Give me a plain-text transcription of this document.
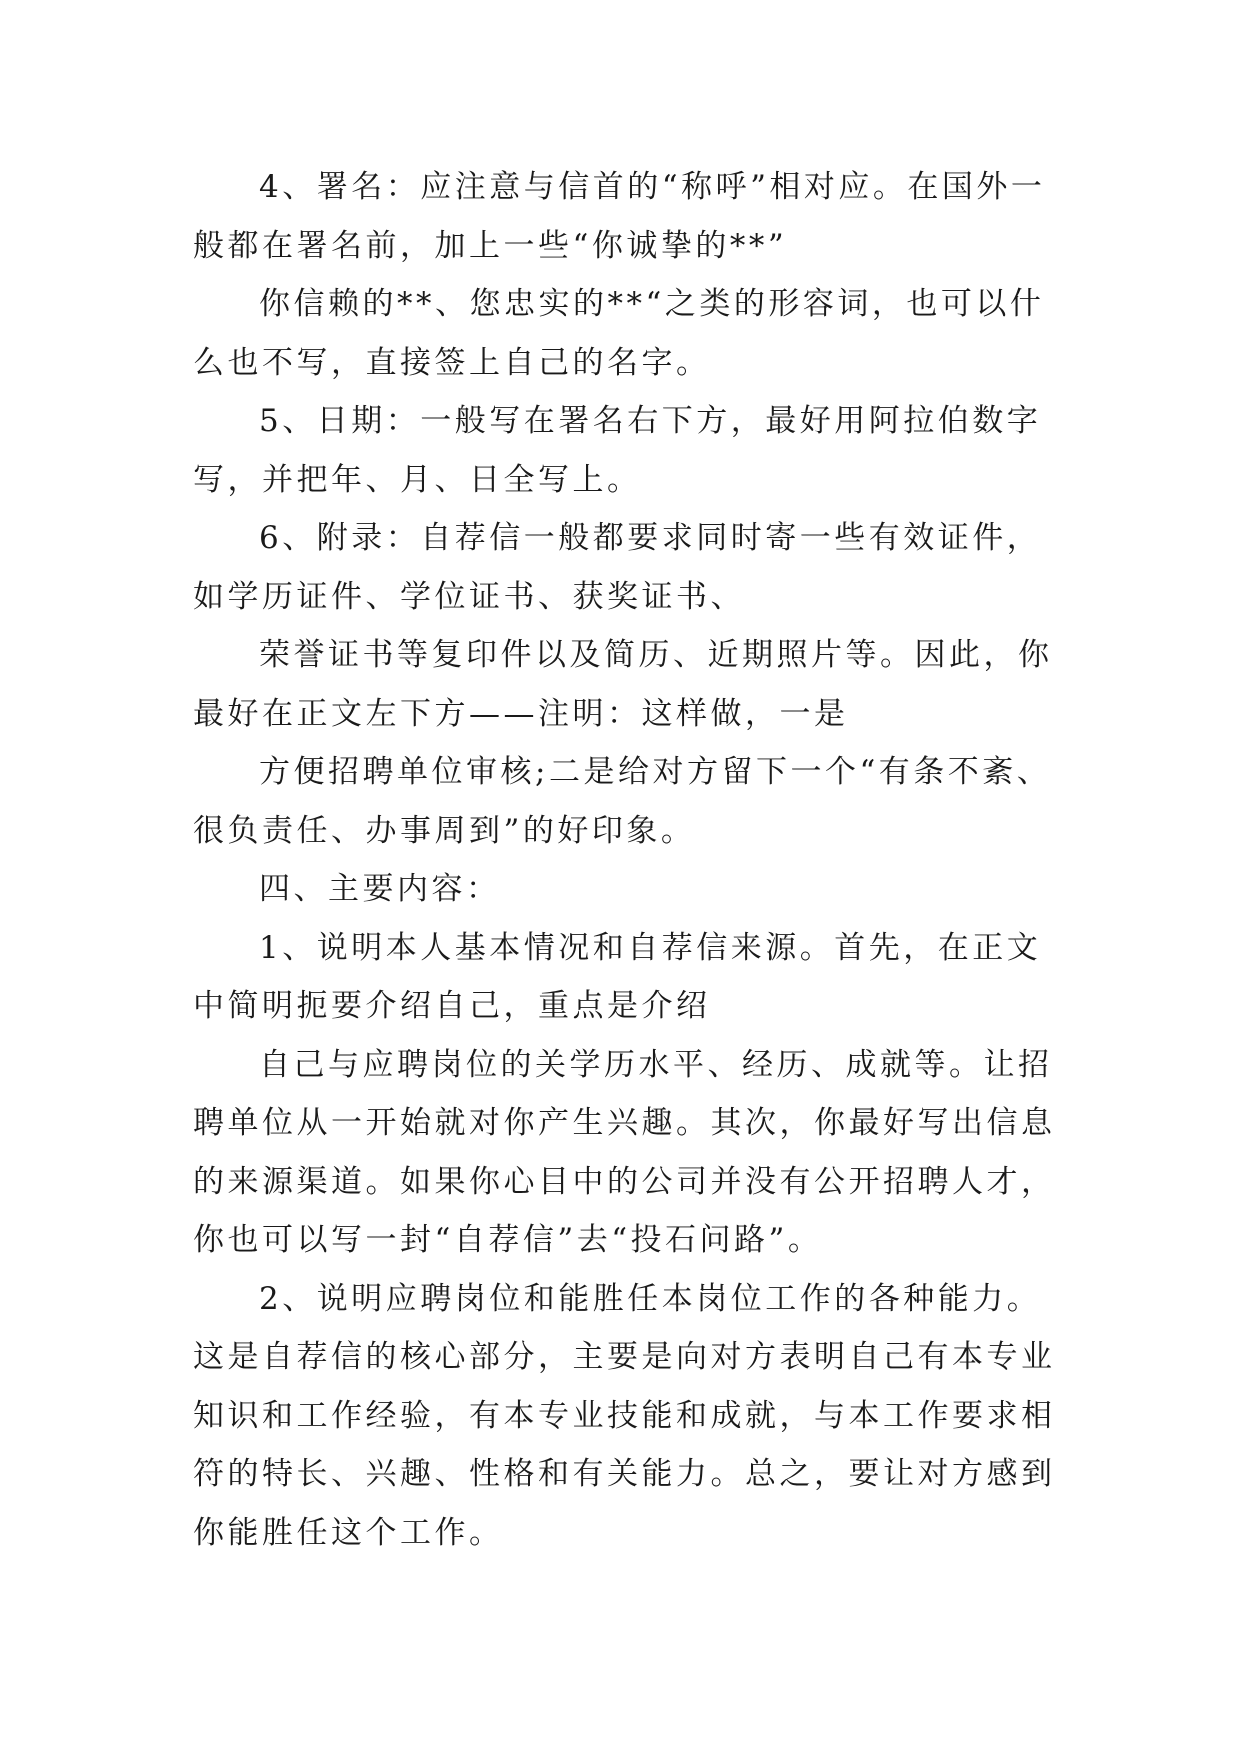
4、署名：应注意与信首的“称呼”相对应。在国外一般都在署名前，加上一些“你诚挚的**”

你信赖的**、您忠实的**“之类的形容词，也可以什么也不写，直接签上自己的名字。

5、日期：一般写在署名右下方，最好用阿拉伯数字写，并把年、月、日全写上。

6、附录：自荐信一般都要求同时寄一些有效证件，如学历证件、学位证书、获奖证书、

荣誉证书等复印件以及简历、近期照片等。因此，你最好在正文左下方——注明：这样做，一是

方便招聘单位审核;二是给对方留下一个“有条不紊、很负责任、办事周到”的好印象。

四、主要内容：

1、说明本人基本情况和自荐信来源。首先，在正文中简明扼要介绍自己，重点是介绍

自己与应聘岗位的关学历水平、经历、成就等。让招聘单位从一开始就对你产生兴趣。其次，你最好写出信息的来源渠道。如果你心目中的公司并没有公开招聘人才，你也可以写一封“自荐信”去“投石问路”。

2、说明应聘岗位和能胜任本岗位工作的各种能力。这是自荐信的核心部分，主要是向对方表明自己有本专业知识和工作经验，有本专业技能和成就，与本工作要求相符的特长、兴趣、性格和有关能力。总之，要让对方感到你能胜任这个工作。
